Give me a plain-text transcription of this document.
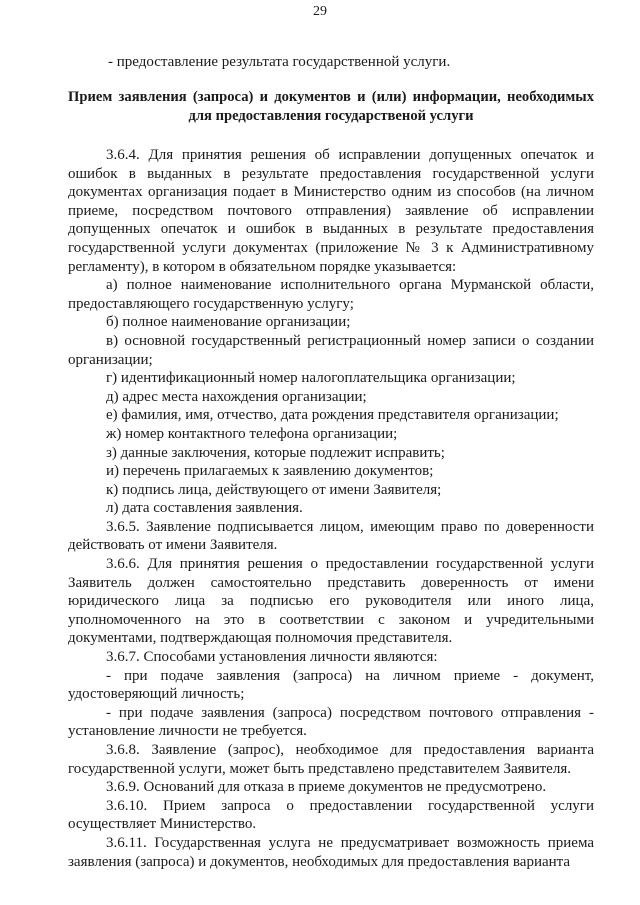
29
- предоставление результата государственной услуги.
Прием заявления (запроса) и документов и (или) информации, необходимых для предоставления государственой услуги

3.6.4. Для принятия решения об исправлении допущенных опечаток и ошибок в выданных в результате предоставления государственной услуги документах организация подает в Министерство одним из способов (на личном приеме, посредством почтового отправления) заявление об исправлении допущенных опечаток и ошибок в выданных в результате предоставления государственной услуги документах (приложение № 3 к Административному регламенту), в котором в обязательном порядке указывается:

а) полное наименование исполнительного органа Мурманской области, предоставляющего государственную услугу;

б) полное наименование организации;

в) основной государственный регистрационный номер записи о создании организации;

г) идентификационный номер налогоплательщика организации;

д) адрес места нахождения организации;

е) фамилия, имя, отчество, дата рождения представителя организации;

ж) номер контактного телефона организации;

з) данные заключения, которые подлежит исправить;

и) перечень прилагаемых к заявлению документов;

к) подпись лица, действующего от имени Заявителя;

л) дата составления заявления.

3.6.5. Заявление подписывается лицом, имеющим право по доверенности действовать от имени Заявителя.

3.6.6. Для принятия решения о предоставлении государственной услуги Заявитель должен самостоятельно представить доверенность от имени юридического лица за подписью его руководителя или иного лица, уполномоченного на это в соответствии с законом и учредительными документами, подтверждающая полномочия представителя.

3.6.7. Способами установления личности являются:

- при подаче заявления (запроса) на личном приеме - документ, удостоверяющий личность;

- при подаче заявления (запроса) посредством почтового отправления - установление личности не требуется.

3.6.8. Заявление (запрос), необходимое для предоставления варианта государственной услуги, может быть представлено представителем Заявителя.

3.6.9. Оснований для отказа в приеме документов не предусмотрено.

3.6.10. Прием запроса о предоставлении государственной услуги осуществляет Министерство.

3.6.11. Государственная услуга не предусматривает возможность приема заявления (запроса) и документов, необходимых для предоставления варианта
